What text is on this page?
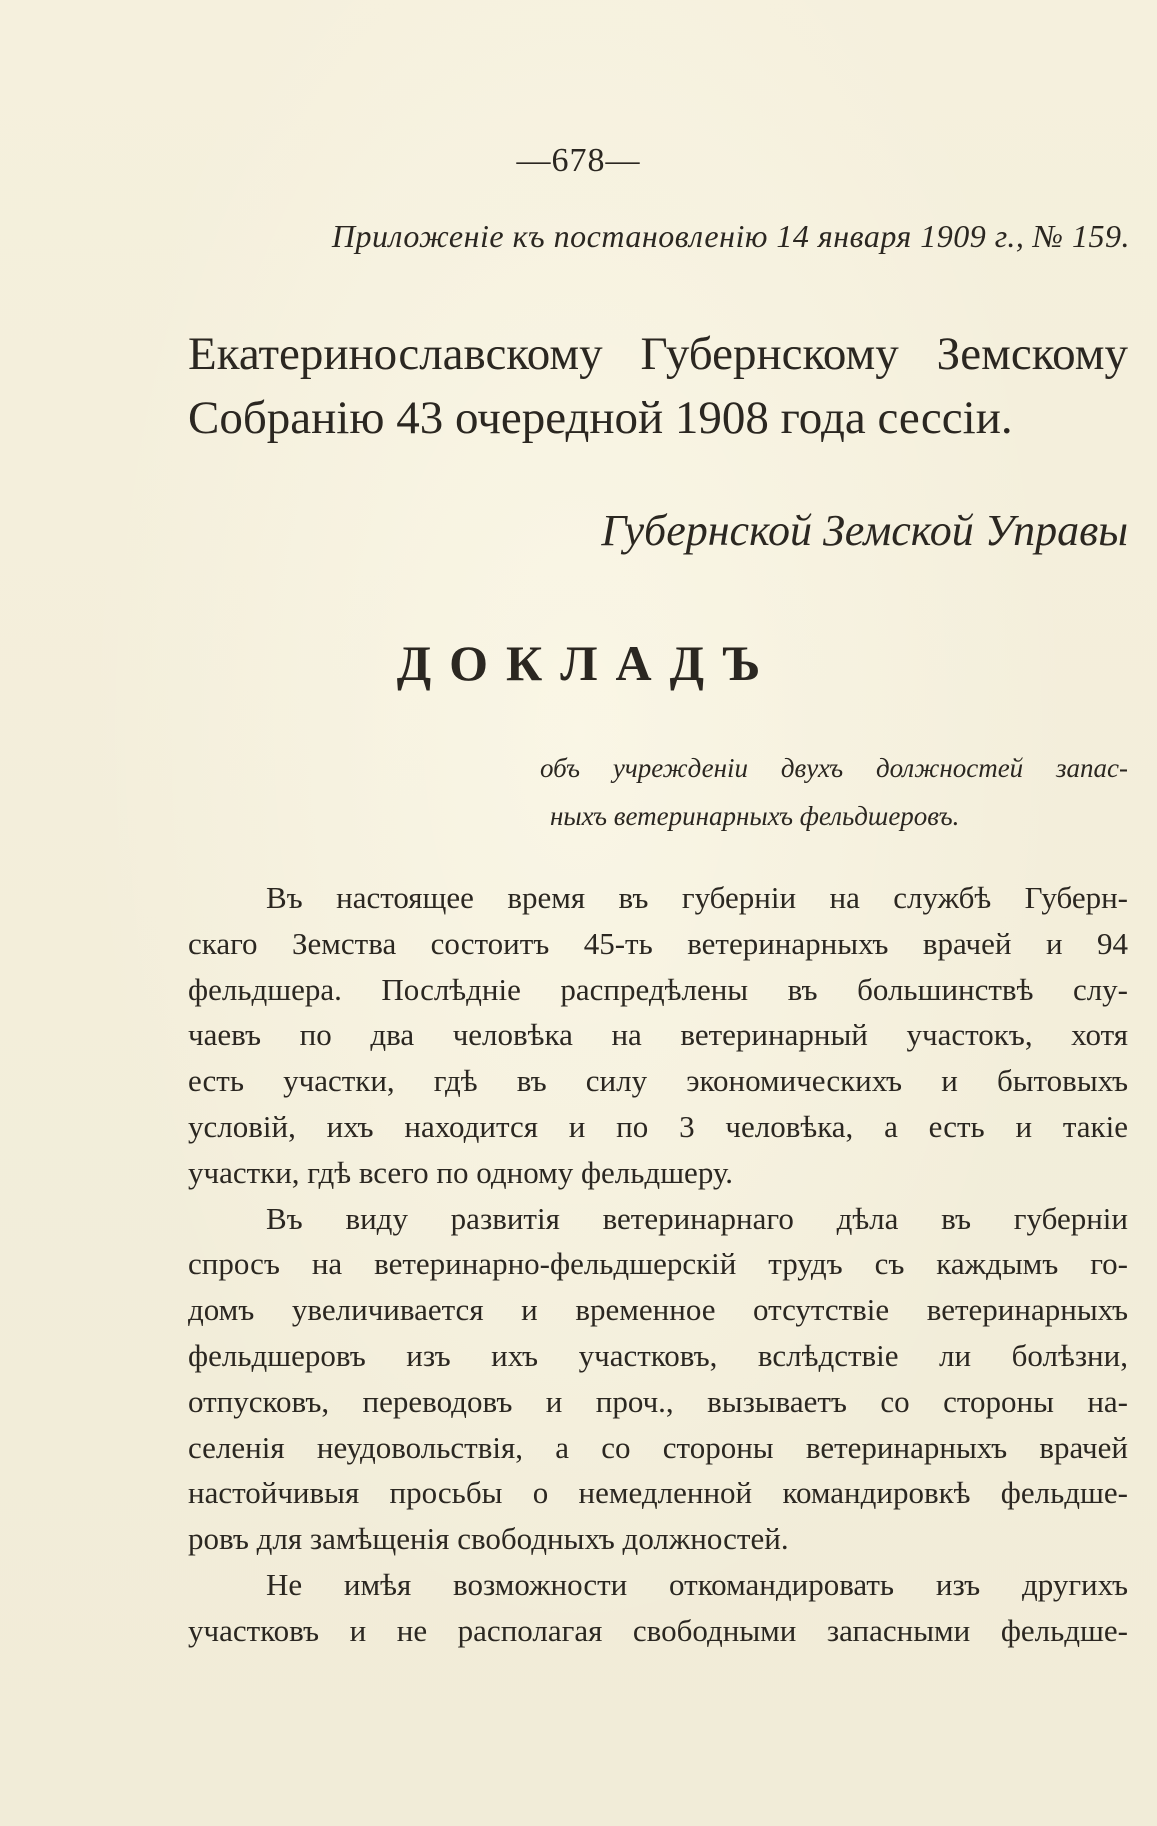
—678—
Приложеніе къ постановленію 14 января 1909 г., № 159.
Екатеринославскому Губернскому Земскому
Собранію 43 очередной 1908 года сессіи.
Губернской Земской Управы
ДОКЛАДЪ
объ учрежденіи двухъ должностей запас-
ныхъ ветеринарныхъ фельдшеровъ.
Въ настоящее время въ губерніи на службѣ Губерн-
скаго Земства состоитъ 45-ть ветеринарныхъ врачей и 94
фельдшера. Послѣдніе распредѣлены въ большинствѣ слу-
чаевъ по два человѣка на ветеринарный участокъ, хотя
есть участки, гдѣ въ силу экономическихъ и бытовыхъ
условій, ихъ находится и по 3 человѣка, а есть и такіе
участки, гдѣ всего по одному фельдшеру.
Въ виду развитія ветеринарнаго дѣла въ губерніи
спросъ на ветеринарно-фельдшерскій трудъ съ каждымъ го-
домъ увеличивается и временное отсутствіе ветеринарныхъ
фельдшеровъ изъ ихъ участковъ, вслѣдствіе ли болѣзни,
отпусковъ, переводовъ и проч., вызываетъ со стороны на-
селенія неудовольствія, а со стороны ветеринарныхъ врачей
настойчивыя просьбы о немедленной командировкѣ фельдше-
ровъ для замѣщенія свободныхъ должностей.
Не имѣя возможности откомандировать изъ другихъ
участковъ и не располагая свободными запасными фельдше-
